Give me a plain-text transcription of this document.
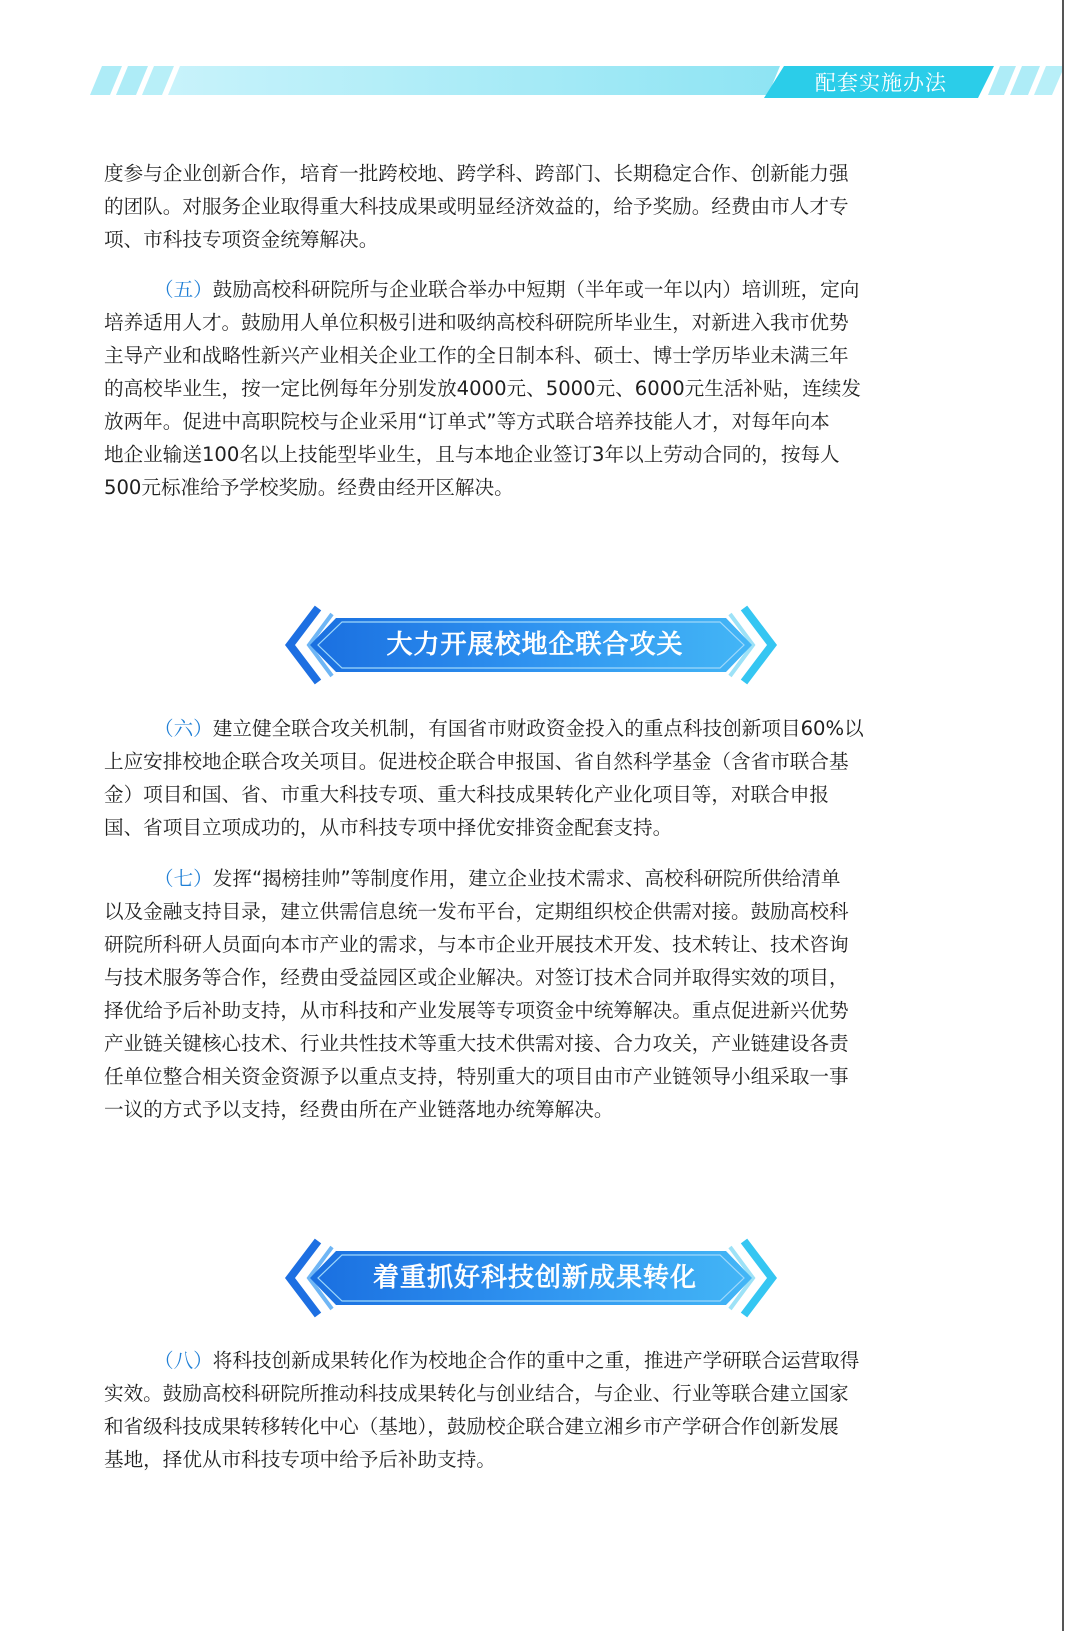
配套实施办法
度参与企业创新合作，培育一批跨校地、跨学科、跨部门、长期稳定合作、创新能力强
的团队。对服务企业取得重大科技成果或明显经济效益的，给予奖励。经费由市人才专
项、市科技专项资金统筹解决。
（五）鼓励高校科研院所与企业联合举办中短期（半年或一年以内）培训班，定向
培养适用人才。鼓励用人单位积极引进和吸纳高校科研院所毕业生，对新进入我市优势
主导产业和战略性新兴产业相关企业工作的全日制本科、硕士、博士学历毕业未满三年
的高校毕业生，按一定比例每年分别发放4000元、5000元、6000元生活补贴，连续发
放两年。促进中高职院校与企业采用“订单式”等方式联合培养技能人才，对每年向本
地企业输送100名以上技能型毕业生，且与本地企业签订3年以上劳动合同的，按每人
500元标准给予学校奖励。经费由经开区解决。
大力开展校地企联合攻关
（六）建立健全联合攻关机制，有国省市财政资金投入的重点科技创新项目60%以
上应安排校地企联合攻关项目。促进校企联合申报国、省自然科学基金（含省市联合基
金）项目和国、省、市重大科技专项、重大科技成果转化产业化项目等，对联合申报
国、省项目立项成功的，从市科技专项中择优安排资金配套支持。
（七）发挥“揭榜挂帅”等制度作用，建立企业技术需求、高校科研院所供给清单
以及金融支持目录，建立供需信息统一发布平台，定期组织校企供需对接。鼓励高校科
研院所科研人员面向本市产业的需求，与本市企业开展技术开发、技术转让、技术咨询
与技术服务等合作，经费由受益园区或企业解决。对签订技术合同并取得实效的项目，
择优给予后补助支持，从市科技和产业发展等专项资金中统筹解决。重点促进新兴优势
产业链关键核心技术、行业共性技术等重大技术供需对接、合力攻关，产业链建设各责
任单位整合相关资金资源予以重点支持，特别重大的项目由市产业链领导小组采取一事
一议的方式予以支持，经费由所在产业链落地办统筹解决。
着重抓好科技创新成果转化
（八）将科技创新成果转化作为校地企合作的重中之重，推进产学研联合运营取得
实效。鼓励高校科研院所推动科技成果转化与创业结合，与企业、行业等联合建立国家
和省级科技成果转移转化中心（基地），鼓励校企联合建立湘乡市产学研合作创新发展
基地，择优从市科技专项中给予后补助支持。
